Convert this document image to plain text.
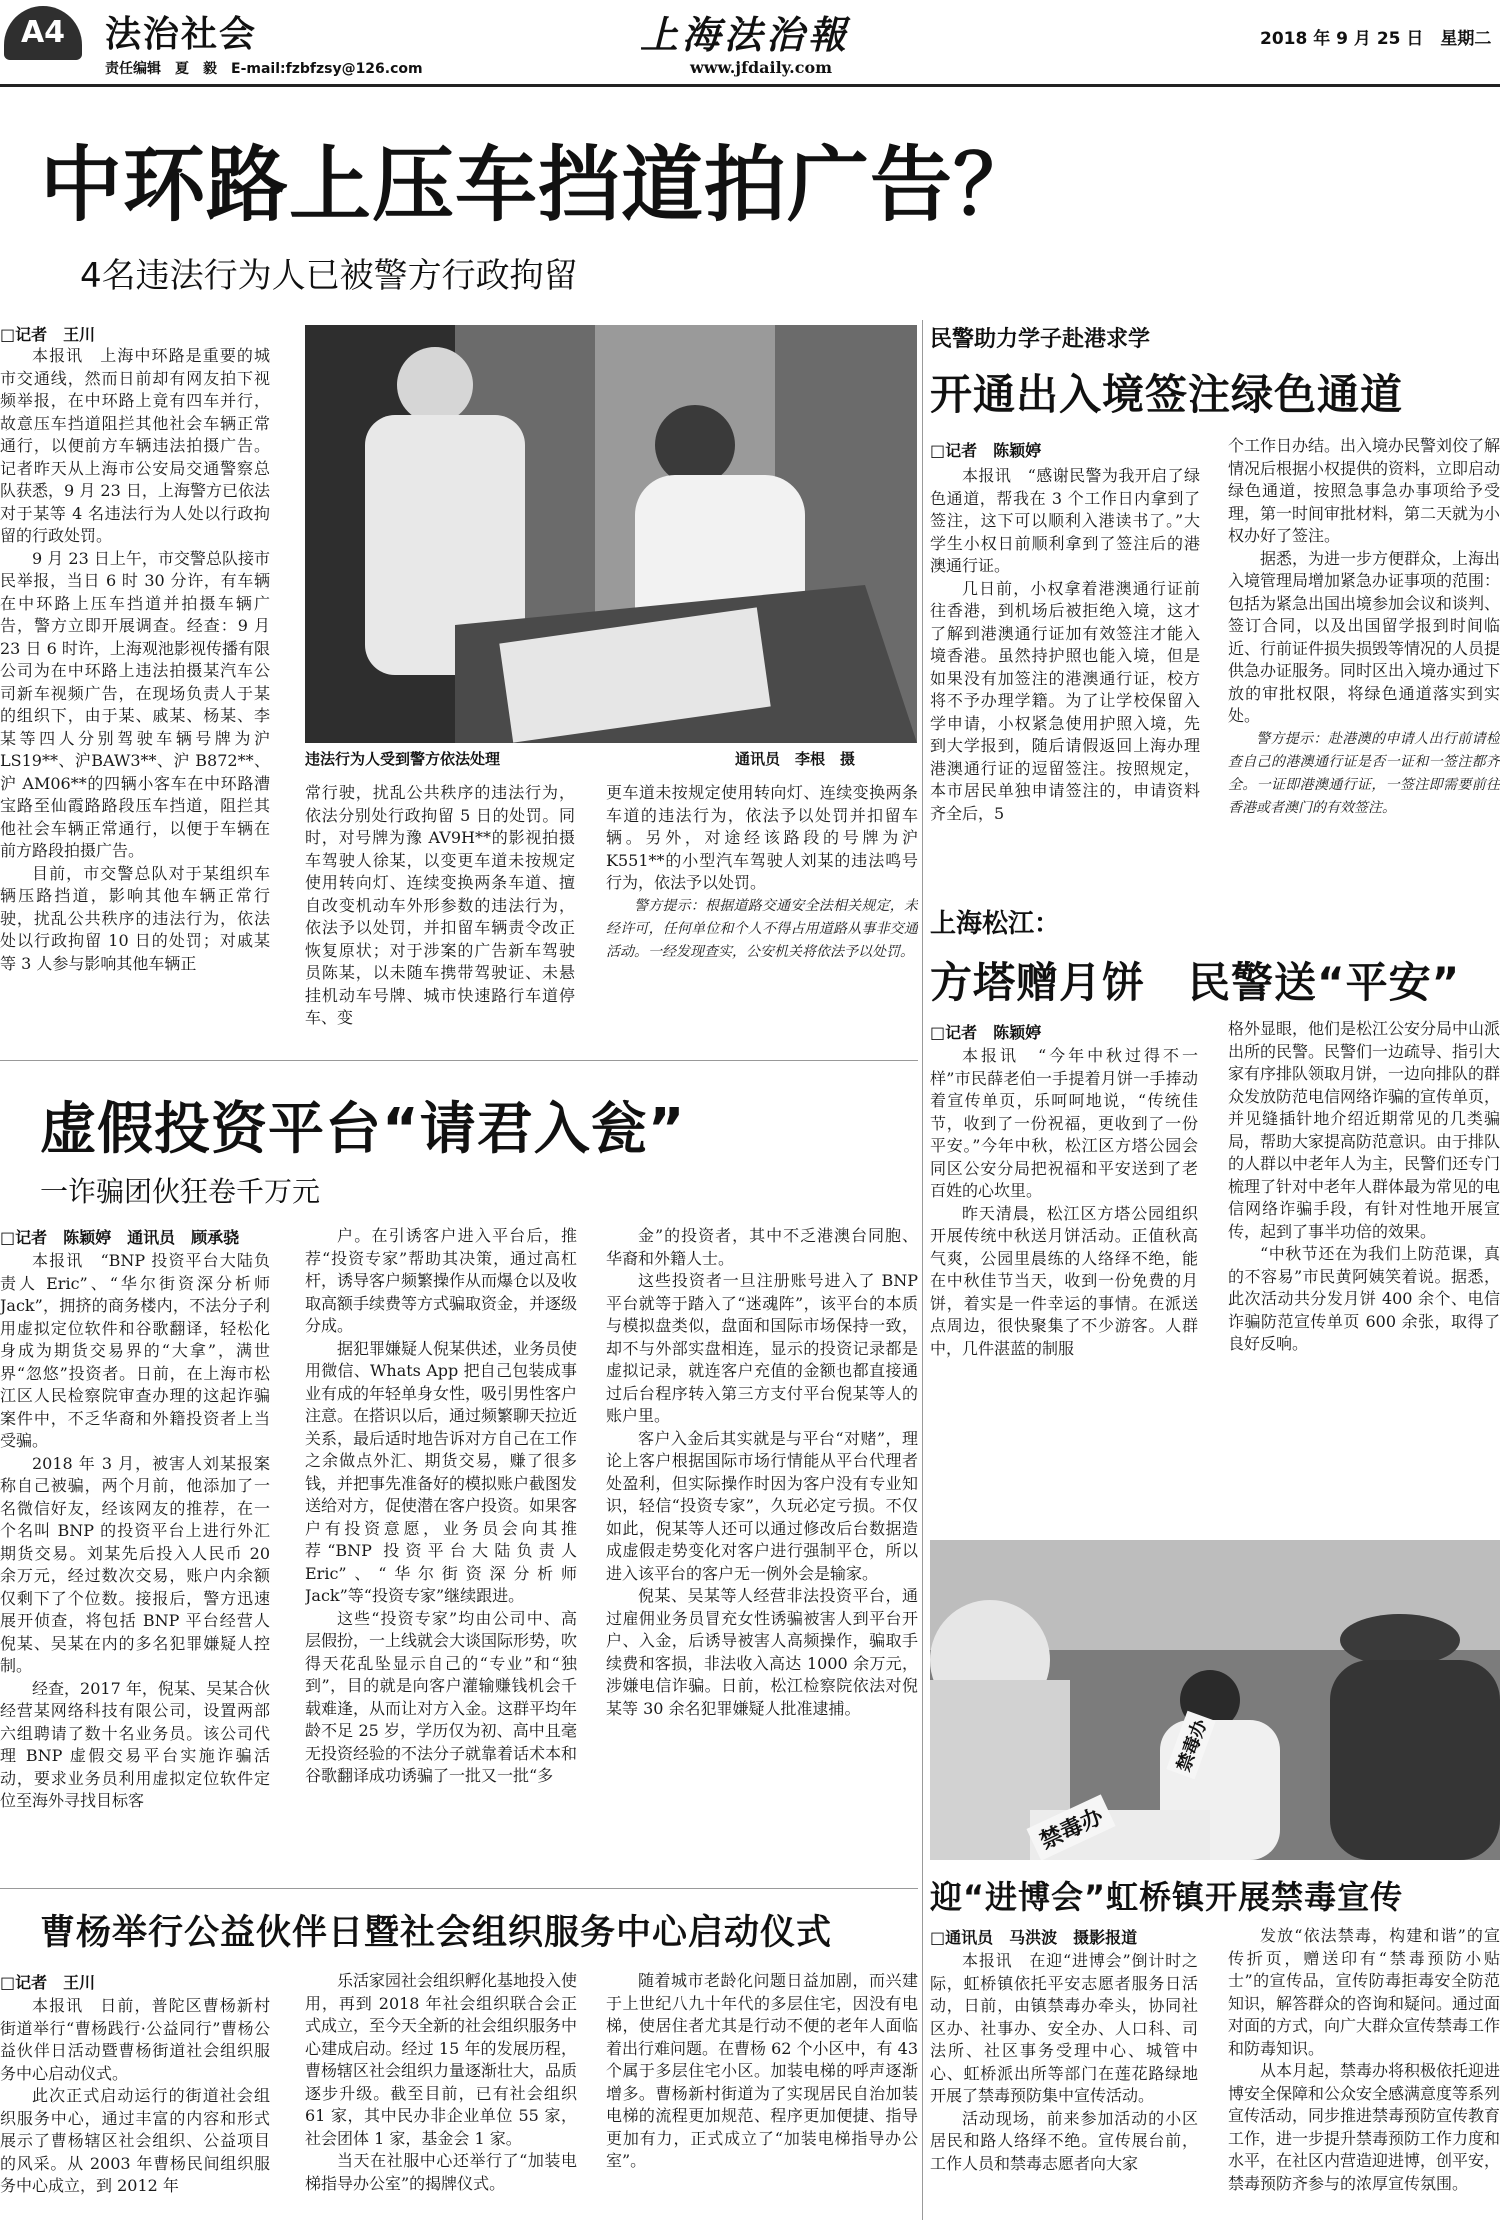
A4	法治社会
责任编辑　夏　毅　E-mail:fzbfzsy@126.com
上海法治報
www.jfdaily.com
2018 年 9 月 25 日　星期二
中环路上压车挡道拍广告？
4名违法行为人已被警方行政拘留
□记者　王川

本报讯　上海中环路是重要的城市交通线，然而日前却有网友拍下视频举报，在中环路上竟有四车并行，故意压车挡道阻拦其他社会车辆正常通行，以便前方车辆违法拍摄广告。记者昨天从上海市公安局交通警察总队获悉，9 月 23 日，上海警方已依法对于某等 4 名违法行为人处以行政拘留的行政处罚。

9 月 23 日上午，市交警总队接市民举报，当日 6 时 30 分许，有车辆在中环路上压车挡道并拍摄车辆广告，警方立即开展调查。经查：9 月 23 日 6 时许，上海观池影视传播有限公司为在中环路上违法拍摄某汽车公司新车视频广告，在现场负责人于某的组织下，由于某、戚某、杨某、李某等四人分别驾驶车辆号牌为沪 LS19**、沪BAW3**、沪 B872**、沪 AM06**的四辆小客车在中环路漕宝路至仙霞路路段压车挡道，阻拦其他社会车辆正常通行，以便于车辆在前方路段拍摄广告。

目前，市交警总队对于某组织车辆压路挡道，影响其他车辆正常行驶，扰乱公共秩序的违法行为，依法处以行政拘留 10 日的处罚；对戚某等 3 人参与影响其他车辆正

违法行为人受到警方依法处理	通讯员　李根　摄

常行驶，扰乱公共秩序的违法行为，依法分别处行政拘留 5 日的处罚。同时，对号牌为豫 AV9H**的影视拍摄车驾驶人徐某，以变更车道未按规定使用转向灯、连续变换两条车道、擅自改变机动车外形参数的违法行为，依法予以处罚，并扣留车辆责令改正恢复原状；对于涉案的广告新车驾驶员陈某，以未随车携带驾驶证、未悬挂机动车号牌、城市快速路行车道停车、变

更车道未按规定使用转向灯、连续变换两条车道的违法行为，依法予以处罚并扣留车辆。另外，对途经该路段的号牌为沪 K551**的小型汽车驾驶人刘某的违法鸣号行为，依法予以处罚。

警方提示：根据道路交通安全法相关规定，未经许可，任何单位和个人不得占用道路从事非交通活动。一经发现查实，公安机关将依法予以处罚。

民警助力学子赴港求学
开通出入境签注绿色通道
□记者　陈颖婷

本报讯　“感谢民警为我开启了绿色通道，帮我在 3 个工作日内拿到了签注，这下可以顺利入港读书了。”大学生小权日前顺利拿到了签注后的港澳通行证。

几日前，小权拿着港澳通行证前往香港，到机场后被拒绝入境，这才了解到港澳通行证加有效签注才能入境香港。虽然持护照也能入境，但是如果没有加签注的港澳通行证，校方将不予办理学籍。为了让学校保留入学申请，小权紧急使用护照入境，先到大学报到，随后请假返回上海办理港澳通行证的逗留签注。按照规定，本市居民单独申请签注的，申请资料齐全后，5

个工作日办结。出入境办民警刘佼了解情况后根据小权提供的资料，立即启动绿色通道，按照急事急办事项给予受理，第一时间审批材料，第二天就为小权办好了签注。

据悉，为进一步方便群众，上海出入境管理局增加紧急办证事项的范围：包括为紧急出国出境参加会议和谈判、签订合同，以及出国留学报到时间临近、行前证件损失损毁等情况的人员提供急办证服务。同时区出入境办通过下放的审批权限，将绿色通道落实到实处。

警方提示：赴港澳的申请人出行前请检查自己的港澳通行证是否一证和一签注都齐全。一证即港澳通行证，一签注即需要前往香港或者澳门的有效签注。

上海松江：
方塔赠月饼　民警送“平安”
□记者　陈颖婷

本报讯　“今年中秋过得不一样”市民薛老伯一手提着月饼一手捧动着宣传单页，乐呵呵地说，“传统佳节，收到了一份祝福，更收到了一份平安。”今年中秋，松江区方塔公园会同区公安分局把祝福和平安送到了老百姓的心坎里。

昨天清晨，松江区方塔公园组织开展传统中秋送月饼活动。正值秋高气爽，公园里晨练的人络绎不绝，能在中秋佳节当天，收到一份免费的月饼，着实是一件幸运的事情。在派送点周边，很快聚集了不少游客。人群中，几件湛蓝的制服

格外显眼，他们是松江公安分局中山派出所的民警。民警们一边疏导、指引大家有序排队领取月饼，一边向排队的群众发放防范电信网络诈骗的宣传单页，并见缝插针地介绍近期常见的几类骗局，帮助大家提高防范意识。由于排队的人群以中老年人为主，民警们还专门梳理了针对中老年人群体最为常见的电信网络诈骗手段，有针对性地开展宣传，起到了事半功倍的效果。

“中秋节还在为我们上防范课，真的不容易”市民黄阿姨笑着说。据悉，此次活动共分发月饼 400 余个、电信诈骗防范宣传单页 600 余张，取得了良好反响。

禁毒办
禁毒办
虚假投资平台“请君入瓮”
一诈骗团伙狂卷千万元
□记者　陈颖婷　通讯员　顾承骁

本报讯　“BNP 投资平台大陆负责人 Eric”、“华尔街资深分析师 Jack”，拥挤的商务楼内，不法分子利用虚拟定位软件和谷歌翻译，轻松化身成为期货交易界的“大拿”，满世界“忽悠”投资者。日前，在上海市松江区人民检察院审查办理的这起诈骗案件中，不乏华裔和外籍投资者上当受骗。

2018 年 3 月，被害人刘某报案称自己被骗，两个月前，他添加了一名微信好友，经该网友的推荐，在一个名叫 BNP 的投资平台上进行外汇期货交易。刘某先后投入人民币 20 余万元，经过数次交易，账户内余额仅剩下了个位数。接报后，警方迅速展开侦查，将包括 BNP 平台经营人倪某、吴某在内的多名犯罪嫌疑人控制。

经查，2017 年，倪某、吴某合伙经营某网络科技有限公司，设置两部六组聘请了数十名业务员。该公司代理 BNP 虚假交易平台实施诈骗活动，要求业务员利用虚拟定位软件定位至海外寻找目标客

户。在引诱客户进入平台后，推荐“投资专家”帮助其决策，通过高杠杆，诱导客户频繁操作从而爆仓以及收取高额手续费等方式骗取资金，并逐级分成。

据犯罪嫌疑人倪某供述，业务员使用微信、Whats App 把自己包装成事业有成的年轻单身女性，吸引男性客户注意。在搭识以后，通过频繁聊天拉近关系，最后适时地告诉对方自己在工作之余做点外汇、期货交易，赚了很多钱，并把事先准备好的模拟账户截图发送给对方，促使潜在客户投资。如果客户有投资意愿，业务员会向其推荐“BNP 投资平台大陆负责人 Eric”、“华尔街资深分析师 Jack”等“投资专家”继续跟进。

这些“投资专家”均由公司中、高层假扮，一上线就会大谈国际形势，吹得天花乱坠显示自己的“专业”和“独到”，目的就是向客户灌输赚钱机会千载难逢，从而让对方入金。这群平均年龄不足 25 岁，学历仅为初、高中且毫无投资经验的不法分子就靠着话术本和谷歌翻译成功诱骗了一批又一批“多

金”的投资者，其中不乏港澳台同胞、华裔和外籍人士。

这些投资者一旦注册账号进入了 BNP 平台就等于踏入了“迷魂阵”，该平台的本质与模拟盘类似，盘面和国际市场保持一致，却不与外部实盘相连，显示的投资记录都是虚拟记录，就连客户充值的金额也都直接通过后台程序转入第三方支付平台倪某等人的账户里。

客户入金后其实就是与平台“对赌”，理论上客户根据国际市场行情能从平台代理者处盈利，但实际操作时因为客户没有专业知识，轻信“投资专家”，久玩必定亏损。不仅如此，倪某等人还可以通过修改后台数据造成虚假走势变化对客户进行强制平仓，所以进入该平台的客户无一例外会是输家。

倪某、吴某等人经营非法投资平台，通过雇佣业务员冒充女性诱骗被害人到平台开户、入金，后诱导被害人高频操作，骗取手续费和客损，非法收入高达 1000 余万元，涉嫌电信诈骗。日前，松江检察院依法对倪某等 30 余名犯罪嫌疑人批准逮捕。

曹杨举行公益伙伴日暨社会组织服务中心启动仪式
□记者　王川

本报讯　日前，普陀区曹杨新村街道举行“曹杨践行·公益同行”曹杨公益伙伴日活动暨曹杨街道社会组织服务中心启动仪式。

此次正式启动运行的街道社会组织服务中心，通过丰富的内容和形式展示了曹杨辖区社会组织、公益项目的风采。从 2003 年曹杨民间组织服务中心成立，到 2012 年

乐活家园社会组织孵化基地投入使用，再到 2018 年社会组织联合会正式成立，至今天全新的社会组织服务中心建成启动。经过 15 年的发展历程，曹杨辖区社会组织力量逐渐壮大，品质逐步升级。截至目前，已有社会组织 61 家，其中民办非企业单位 55 家，社会团体 1 家，基金会 1 家。

当天在社服中心还举行了“加装电梯指导办公室”的揭牌仪式。

随着城市老龄化问题日益加剧，而兴建于上世纪八九十年代的多层住宅，因没有电梯，使居住者尤其是行动不便的老年人面临着出行难问题。在曹杨 62 个小区中，有 43 个属于多层住宅小区。加装电梯的呼声逐渐增多。曹杨新村街道为了实现居民自治加装电梯的流程更加规范、程序更加便捷、指导更加有力，正式成立了“加装电梯指导办公室”。

迎“进博会”虹桥镇开展禁毒宣传
□通讯员　马洪波　摄影报道

本报讯　在迎“进博会”倒计时之际，虹桥镇依托平安志愿者服务日活动，日前，由镇禁毒办牵头，协同社区办、社事办、安全办、人口科、司法所、社区事务受理中心、城管中心、虹桥派出所等部门在莲花路绿地开展了禁毒预防集中宣传活动。

活动现场，前来参加活动的小区居民和路人络绎不绝。宣传展台前，工作人员和禁毒志愿者向大家

发放“依法禁毒，构建和谐”的宣传折页，赠送印有“禁毒预防小贴士”的宣传品，宣传防毒拒毒安全防范知识，解答群众的咨询和疑问。通过面对面的方式，向广大群众宣传禁毒工作和防毒知识。

从本月起，禁毒办将积极依托迎进博安全保障和公众安全感满意度等系列宣传活动，同步推进禁毒预防宣传教育工作，进一步提升禁毒预防工作力度和水平，在社区内营造迎进博，创平安，禁毒预防齐参与的浓厚宣传氛围。
